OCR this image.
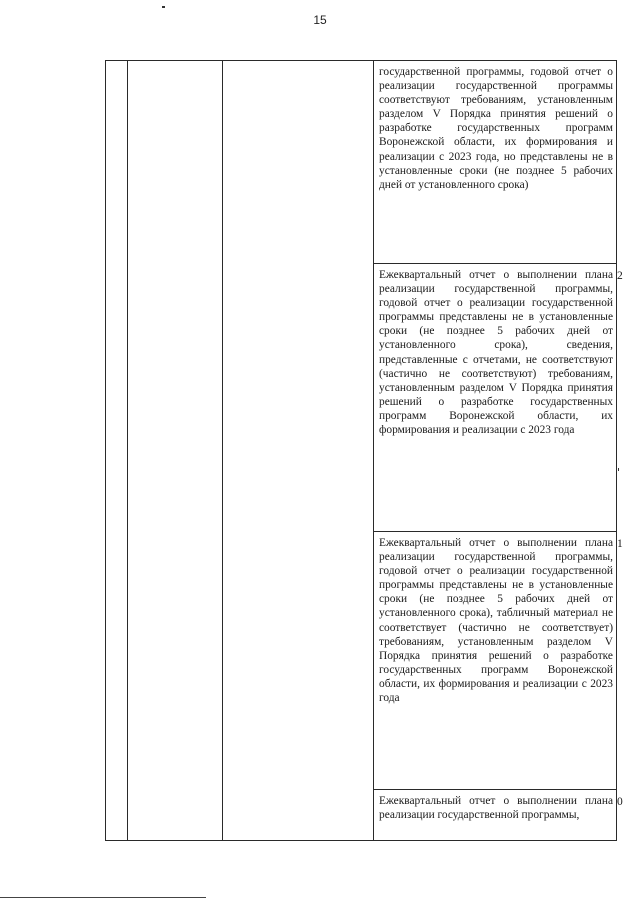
15

			государственной программы, годовой отчет о реализации государственной программы соответствуют требованиям, установленным разделом V Порядка принятия решений о разработке государственных программ Воронежской области, их формирования и реализации с 2023 года, но представлены не в установленные сроки (не позднее 5 рабочих дней от установленного срока)	

			Ежеквартальный отчет о выполнении плана реализации государственной программы, годовой отчет о реализации государственной программы представлены не в установленные сроки (не позднее 5 рабочих дней от установленного срока), сведения, представленные с отчетами, не соответствуют (частично не соответствуют) требованиям, установленным разделом V Порядка принятия решений о разработке государственных программ Воронежской области, их формирования и реализации с 2023 года	2

			Ежеквартальный отчет о выполнении плана реализации государственной программы, годовой отчет о реализации государственной программы представлены не в установленные сроки (не позднее 5 рабочих дней от установленного срока), табличный материал не соответствует (частично не соответствует) требованиям, установленным разделом V Порядка принятия решений о разработке государственных программ Воронежской области, их формирования и реализации с 2023 года	1

			Ежеквартальный отчет о выполнении плана реализации государственной программы,	0
